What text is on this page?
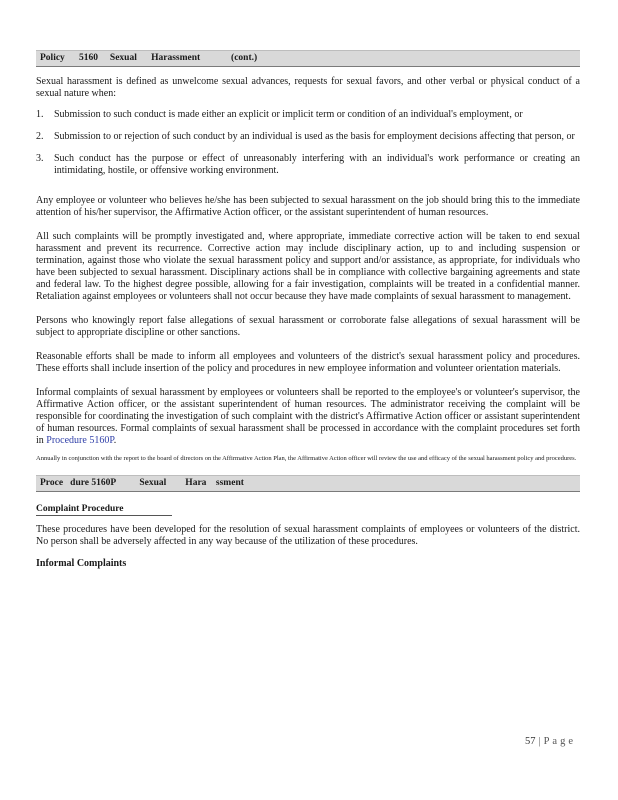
Policy      5160     Sexual      Harassment             (cont.)

Sexual harassment is defined as unwelcome sexual advances, requests for sexual favors, and other verbal or physical conduct of a sexual nature when:

1. Submission to such conduct is made either an explicit or implicit term or condition of an individual's employment, or
2. Submission to or rejection of such conduct by an individual is used as the basis for employment decisions affecting that person, or
3. Such conduct has the purpose or effect of unreasonably interfering with an individual's work performance or creating an intimidating, hostile, or offensive working environment.

Any employee or volunteer who believes he/she has been subjected to sexual harassment on the job should bring this to the immediate attention of his/her supervisor, the Affirmative Action officer, or the assistant superintendent of human resources.

All such complaints will be promptly investigated and, where appropriate, immediate corrective action will be taken to end sexual harassment and prevent its recurrence. Corrective action may include disciplinary action, up to and including suspension or termination, against those who violate the sexual harassment policy and support and/or assistance, as appropriate, for individuals who have been subjected to sexual harassment. Disciplinary actions shall be in compliance with collective bargaining agreements and state and federal law. To the highest degree possible, allowing for a fair investigation, complaints will be treated in a confidential manner. Retaliation against employees or volunteers shall not occur because they have made complaints of sexual harassment to management.

Persons who knowingly report false allegations of sexual harassment or corroborate false allegations of sexual harassment will be subject to appropriate discipline or other sanctions.

Reasonable efforts shall be made to inform all employees and volunteers of the district's sexual harassment policy and procedures. These efforts shall include insertion of the policy and procedures in new employee information and volunteer orientation materials.

Informal complaints of sexual harassment by employees or volunteers shall be reported to the employee's or volunteer's supervisor, the Affirmative Action officer, or the assistant superintendent of human resources. The administrator receiving the complaint will be responsible for coordinating the investigation of such complaint with the district's Affirmative Action officer or assistant superintendent of human resources. Formal complaints of sexual harassment shall be processed in accordance with the complaint procedures set forth in Procedure 5160P.

Annually in conjunction with the report to the board of directors on the Affirmative Action Plan, the Affirmative Action officer will review the use and efficacy of the sexual harassment policy and procedures.

Proce   dure 5160P          Sexual        Hara    ssment
Complaint Procedure

These procedures have been developed for the resolution of sexual harassment complaints of employees or volunteers of the district. No person shall be adversely affected in any way because of the utilization of these procedures.

Informal Complaints
57 | Page
